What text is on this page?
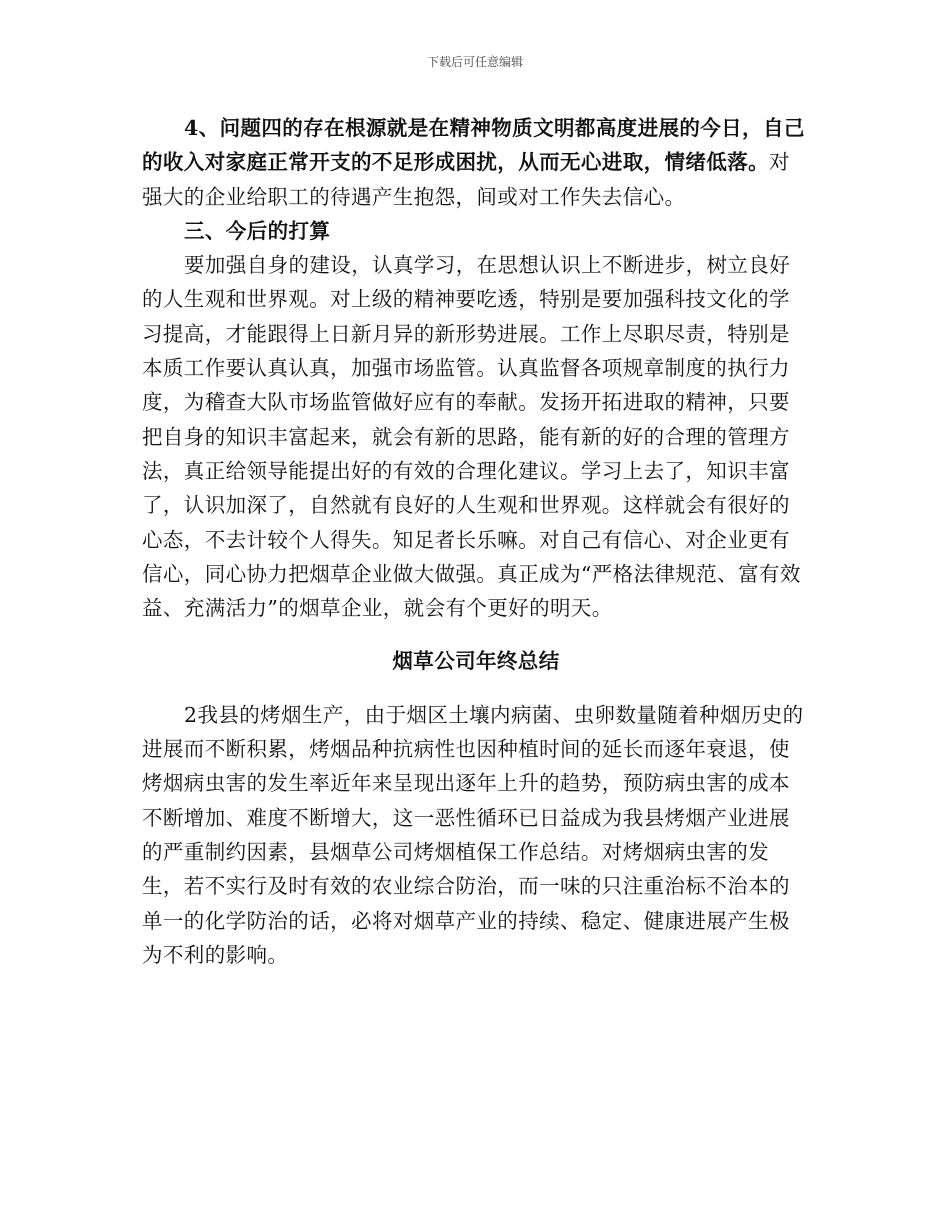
下载后可任意编辑

4、问题四的存在根源就是在精神物质文明都高度进展的今日，自己的收入对家庭正常开支的不足形成困扰，从而无心进取，情绪低落。对强大的企业给职工的待遇产生抱怨，间或对工作失去信心。

三、今后的打算

要加强自身的建设，认真学习，在思想认识上不断进步，树立良好的人生观和世界观。对上级的精神要吃透，特别是要加强科技文化的学习提高，才能跟得上日新月异的新形势进展。工作上尽职尽责，特别是本质工作要认真认真，加强市场监管。认真监督各项规章制度的执行力度，为稽查大队市场监管做好应有的奉献。发扬开拓进取的精神，只要把自身的知识丰富起来，就会有新的思路，能有新的好的合理的管理方法，真正给领导能提出好的有效的合理化建议。学习上去了，知识丰富了，认识加深了，自然就有良好的人生观和世界观。这样就会有很好的心态，不去计较个人得失。知足者长乐嘛。对自己有信心、对企业更有信心，同心协力把烟草企业做大做强。真正成为“严格法律规范、富有效益、充满活力”的烟草企业，就会有个更好的明天。

烟草公司年终总结

2我县的烤烟生产，由于烟区土壤内病菌、虫卵数量随着种烟历史的进展而不断积累，烤烟品种抗病性也因种植时间的延长而逐年衰退，使烤烟病虫害的发生率近年来呈现出逐年上升的趋势，预防病虫害的成本不断增加、难度不断增大，这一恶性循环已日益成为我县烤烟产业进展的严重制约因素，县烟草公司烤烟植保工作总结。对烤烟病虫害的发生，若不实行及时有效的农业综合防治，而一味的只注重治标不治本的单一的化学防治的话，必将对烟草产业的持续、稳定、健康进展产生极为不利的影响。
